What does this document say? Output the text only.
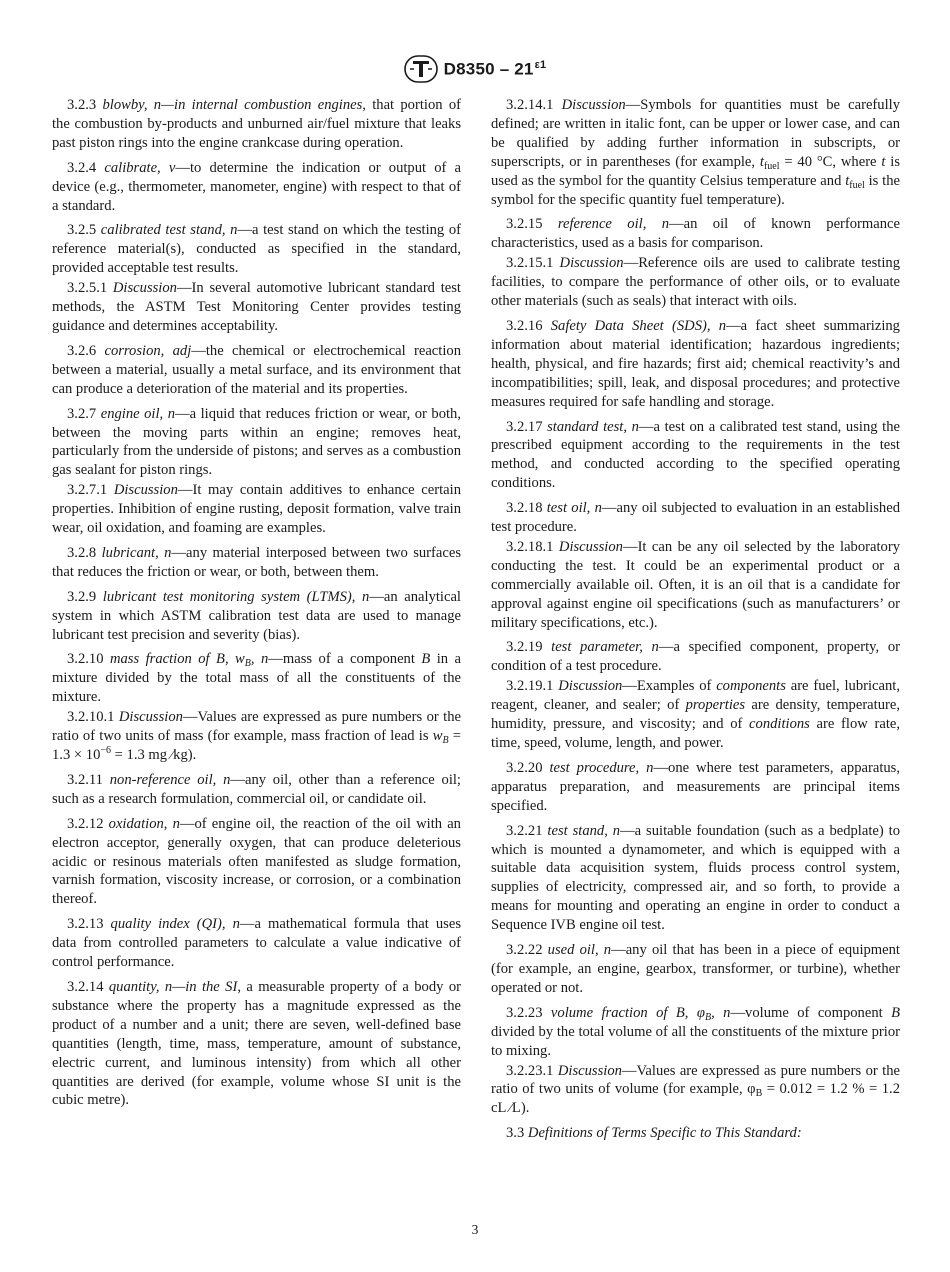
$D8350 - 21^{\varepsilon 1}$

3.2.3 blowby, n—in internal combustion engines, that portion of the combustion by-products and unburned air/fuel mixture that leaks past piston rings into the engine crankcase during operation.

3.2.4 calibrate, v—to determine the indication or output of a device (e.g., thermometer, manometer, engine) with respect to that of a standard.

3.2.5 calibrated test stand, n—a test stand on which the testing of reference material(s), conducted as specified in the standard, provided acceptable test results.

3.2.5.1 Discussion—In several automotive lubricant standard test methods, the ASTM Test Monitoring Center provides testing guidance and determines acceptability.

3.2.6 corrosion, adj—the chemical or electrochemical reaction between a material, usually a metal surface, and its environment that can produce a deterioration of the material and its properties.

3.2.7 engine oil, n—a liquid that reduces friction or wear, or both, between the moving parts within an engine; removes heat, particularly from the underside of pistons; and serves as a combustion gas sealant for piston rings.

3.2.7.1 Discussion—It may contain additives to enhance certain properties. Inhibition of engine rusting, deposit formation, valve train wear, oil oxidation, and foaming are examples.

3.2.8 lubricant, n—any material interposed between two surfaces that reduces the friction or wear, or both, between them.

3.2.9 lubricant test monitoring system (LTMS), n—an analytical system in which ASTM calibration test data are used to manage lubricant test precision and severity (bias).

3.2.10 mass fraction of B, $w_B$, n—mass of a component B in a mixture divided by the total mass of all the constituents of the mixture.

3.2.10.1 Discussion—Values are expressed as pure numbers or the ratio of two units of mass (for example, mass fraction of lead is $w_B = 1.3 \times 10^{-6} = 1.3$ mg ⁄kg).

3.2.11 non-reference oil, n—any oil, other than a reference oil; such as a research formulation, commercial oil, or candidate oil.

3.2.12 oxidation, n—of engine oil, the reaction of the oil with an electron acceptor, generally oxygen, that can produce deleterious acidic or resinous materials often manifested as sludge formation, varnish formation, viscosity increase, or corrosion, or a combination thereof.

3.2.13 quality index (QI), n—a mathematical formula that uses data from controlled parameters to calculate a value indicative of control performance.

3.2.14 quantity, n—in the SI, a measurable property of a body or substance where the property has a magnitude expressed as the product of a number and a unit; there are seven, well-defined base quantities (length, time, mass, temperature, amount of substance, electric current, and luminous intensity) from which all other quantities are derived (for example, volume whose SI unit is the cubic metre).

3.2.14.1 Discussion—Symbols for quantities must be carefully defined; are written in italic font, can be upper or lower case, and can be qualified by adding further information in subscripts, or superscripts, or in parentheses (for example, $t_{fuel} = 40$ °C, where t is used as the symbol for the quantity Celsius temperature and $t_{fuel}$ is the symbol for the specific quantity fuel temperature).

3.2.15 reference oil, n—an oil of known performance characteristics, used as a basis for comparison.

3.2.15.1 Discussion—Reference oils are used to calibrate testing facilities, to compare the performance of other oils, or to evaluate other materials (such as seals) that interact with oils.

3.2.16 Safety Data Sheet (SDS), n—a fact sheet summarizing information about material identification; hazardous ingredients; health, physical, and fire hazards; first aid; chemical reactivity’s and incompatibilities; spill, leak, and disposal procedures; and protective measures required for safe handling and storage.

3.2.17 standard test, n—a test on a calibrated test stand, using the prescribed equipment according to the requirements in the test method, and conducted according to the specified operating conditions.

3.2.18 test oil, n—any oil subjected to evaluation in an established test procedure.

3.2.18.1 Discussion—It can be any oil selected by the laboratory conducting the test. It could be an experimental product or a commercially available oil. Often, it is an oil that is a candidate for approval against engine oil specifications (such as manufacturers’ or military specifications, etc.).

3.2.19 test parameter, n—a specified component, property, or condition of a test procedure.

3.2.19.1 Discussion—Examples of components are fuel, lubricant, reagent, cleaner, and sealer; of properties are density, temperature, humidity, pressure, and viscosity; and of conditions are flow rate, time, speed, volume, length, and power.

3.2.20 test procedure, n—one where test parameters, apparatus, apparatus preparation, and measurements are principal items specified.

3.2.21 test stand, n—a suitable foundation (such as a bedplate) to which is mounted a dynamometer, and which is equipped with a suitable data acquisition system, fluids process control system, supplies of electricity, compressed air, and so forth, to provide a means for mounting and operating an engine in order to conduct a Sequence IVB engine oil test.

3.2.22 used oil, n—any oil that has been in a piece of equipment (for example, an engine, gearbox, transformer, or turbine), whether operated or not.

3.2.23 volume fraction of B, $\varphi_B$, n—volume of component B divided by the total volume of all the constituents of the mixture prior to mixing.

3.2.23.1 Discussion—Values are expressed as pure numbers or the ratio of two units of volume (for example, $\varphi_B = 0.012 = 1.2$ % = 1.2 cL ⁄L).

3.3 Definitions of Terms Specific to This Standard:

3
